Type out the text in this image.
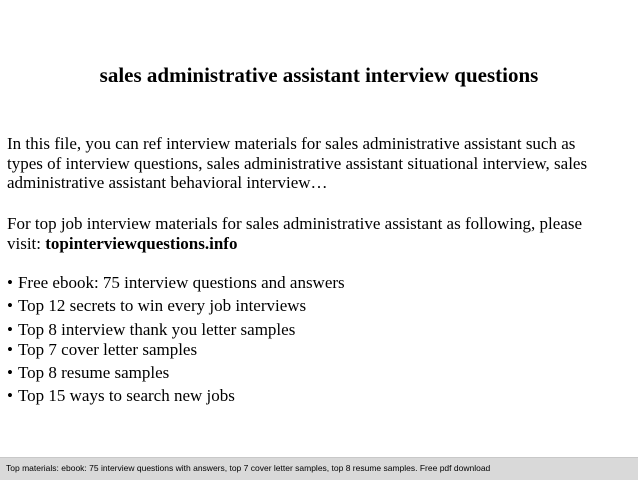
sales administrative assistant interview questions
In this file, you can ref interview materials for sales administrative assistant such as
types of interview questions, sales administrative assistant situational interview, sales
administrative assistant behavioral interview…
For top job interview materials for sales administrative assistant as following, please
visit: topinterviewquestions.info
• Free ebook: 75 interview questions and answers
• Top 12 secrets to win every job interviews
• Top 8 interview thank you letter samples
• Top 7 cover letter samples
• Top 8 resume samples
• Top 15 ways to search new jobs
Top materials: ebook: 75 interview questions with answers, top 7 cover letter samples, top 8 resume samples. Free pdf download
